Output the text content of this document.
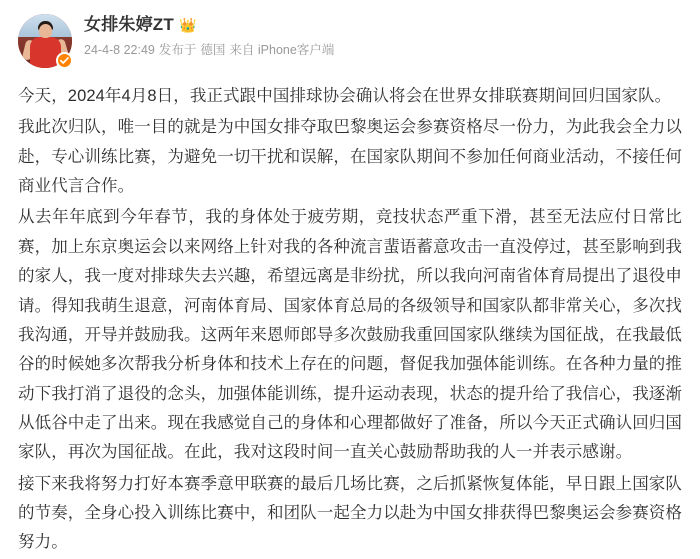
女排朱婷ZT 👑
24-4-8 22:49 发布于 德国 来自 iPhone客户端

今天，2024年4月8日，我正式跟中国排球协会确认将会在世界女排联赛期间回归国家队。

我此次归队，唯一目的就是为中国女排夺取巴黎奥运会参赛资格尽一份力，为此我会全力以赴，专心训练比赛，为避免一切干扰和误解，在国家队期间不参加任何商业活动，不接任何商业代言合作。

从去年年底到今年春节，我的身体处于疲劳期，竞技状态严重下滑，甚至无法应付日常比赛，加上东京奥运会以来网络上针对我的各种流言蜚语蓄意攻击一直没停过，甚至影响到我的家人，我一度对排球失去兴趣，希望远离是非纷扰，所以我向河南省体育局提出了退役申请。得知我萌生退意，河南体育局、国家体育总局的各级领导和国家队都非常关心，多次找我沟通，开导并鼓励我。这两年来恩师郎导多次鼓励我重回国家队继续为国征战，在我最低谷的时候她多次帮我分析身体和技术上存在的问题，督促我加强体能训练。在各种力量的推动下我打消了退役的念头，加强体能训练，提升运动表现，状态的提升给了我信心，我逐渐从低谷中走了出来。现在我感觉自己的身体和心理都做好了准备，所以今天正式确认回归国家队，再次为国征战。在此，我对这段时间一直关心鼓励帮助我的人一并表示感谢。

接下来我将努力打好本赛季意甲联赛的最后几场比赛，之后抓紧恢复体能，早日跟上国家队的节奏，全身心投入训练比赛中，和团队一起全力以赴为中国女排获得巴黎奥运会参赛资格努力。
